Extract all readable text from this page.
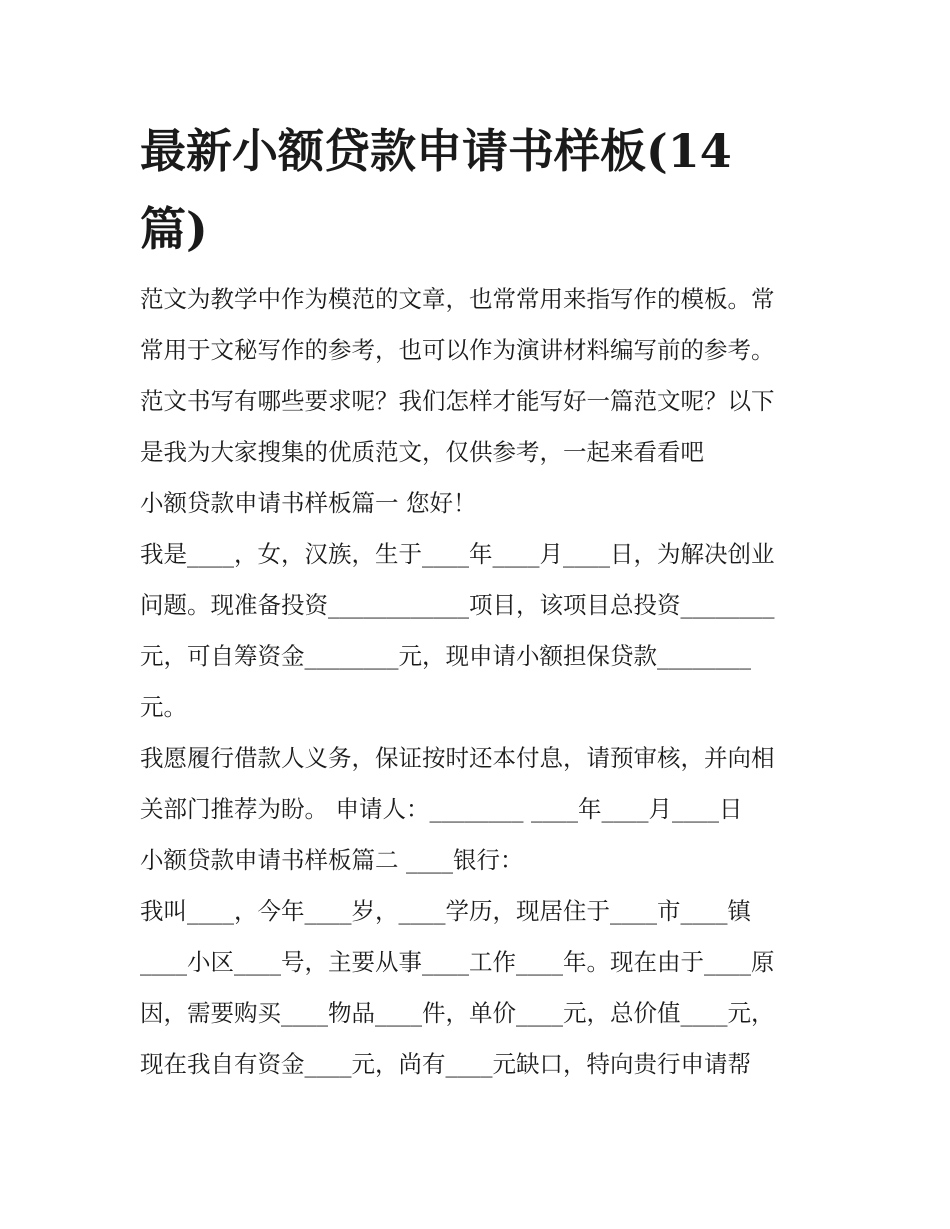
最新小额贷款申请书样板(14
篇)

范文为教学中作为模范的文章，也常常用来指写作的模板。常

常用于文秘写作的参考，也可以作为演讲材料编写前的参考。

范文书写有哪些要求呢？我们怎样才能写好一篇范文呢？以下

是我为大家搜集的优质范文，仅供参考，一起来看看吧

小额贷款申请书样板篇一 您好！

我是____，女，汉族，生于____年____月____日，为解决创业

问题。现准备投资____________项目，该项目总投资________

元，可自筹资金________元，现申请小额担保贷款________

元。

我愿履行借款人义务，保证按时还本付息，请预审核，并向相

关部门推荐为盼。 申请人：________ ____年____月____日

小额贷款申请书样板篇二 ____银行：

我叫____，今年____岁，____学历，现居住于____市____镇

____小区____号，主要从事____工作____年。现在由于____原

因，需要购买____物品____件，单价____元，总价值____元，

现在我自有资金____元，尚有____元缺口，特向贵行申请帮
